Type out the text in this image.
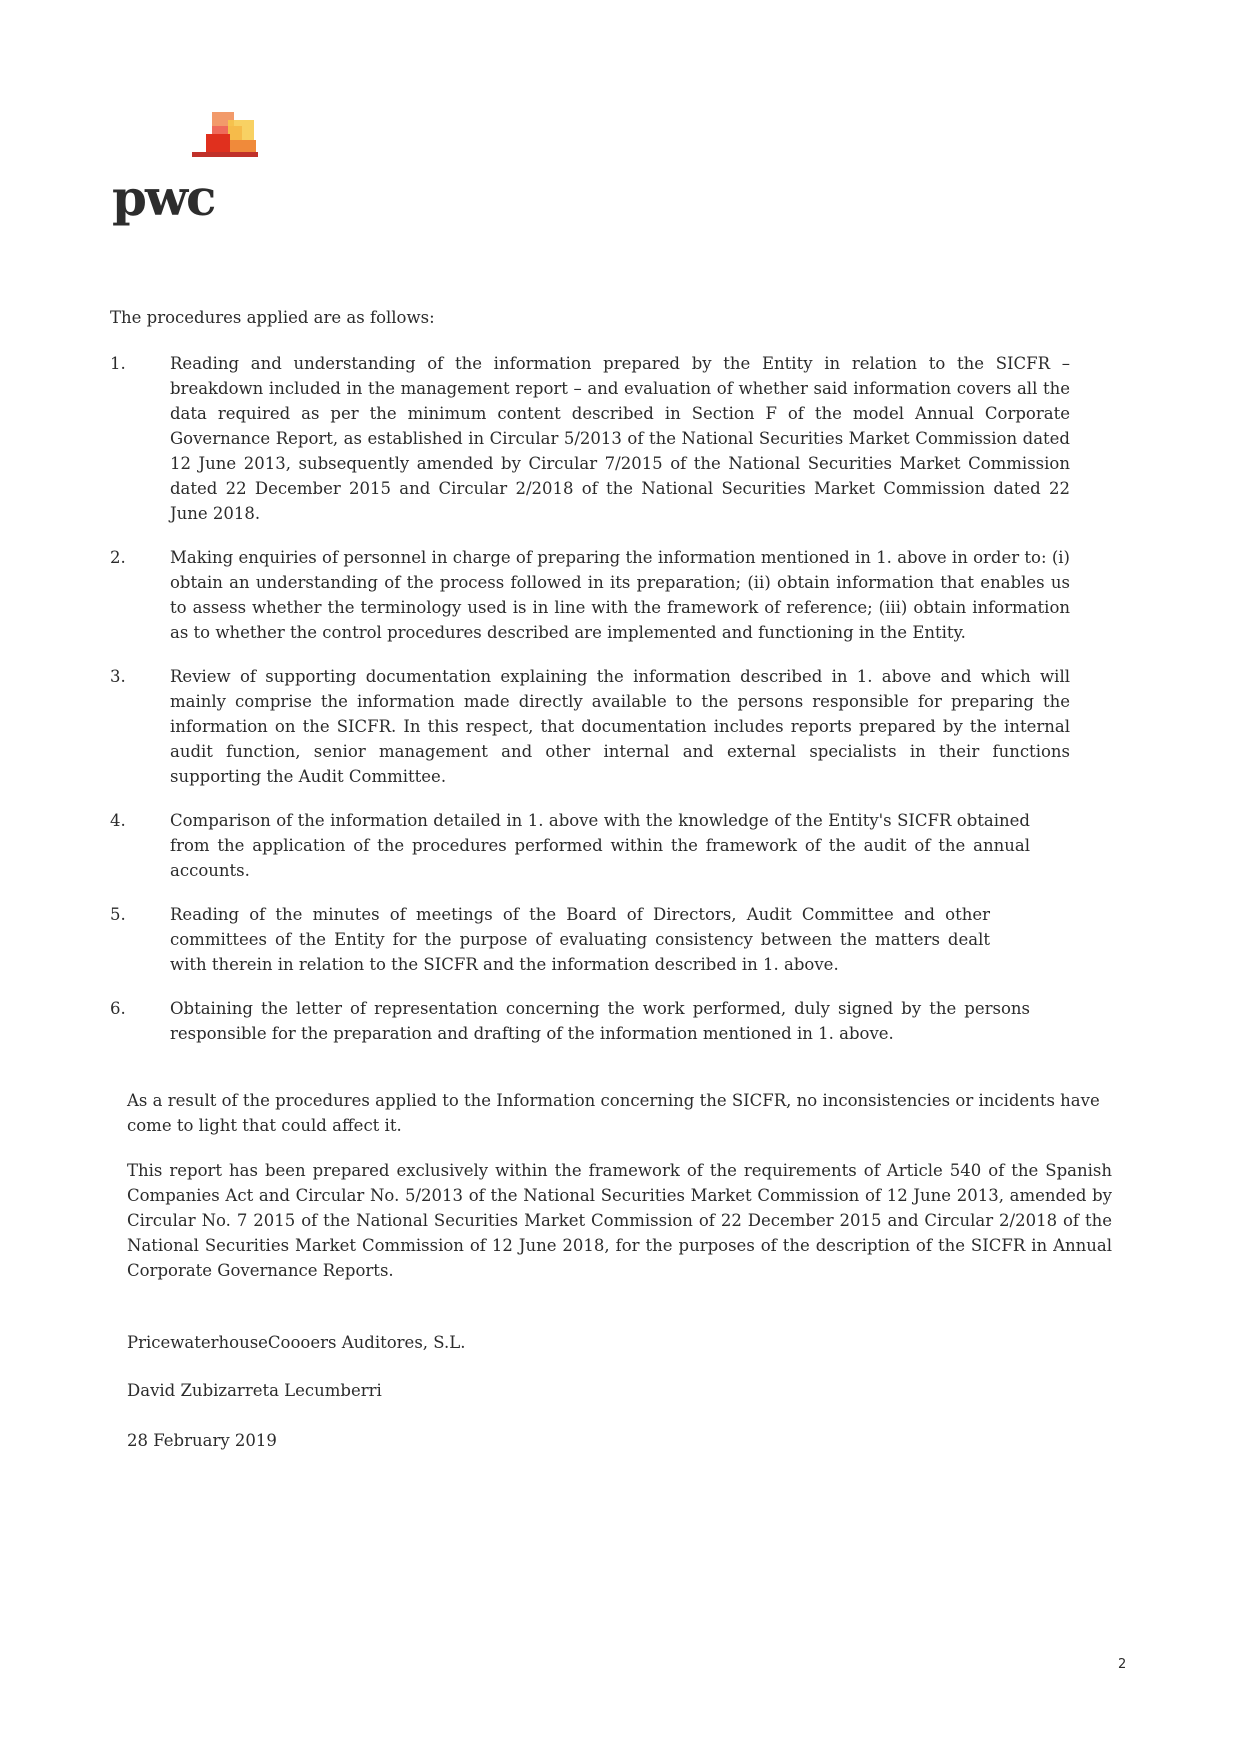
pwc

The procedures applied are as follows:

1.	Reading and understanding of the information prepared by the Entity in relation to the SICFR – breakdown included in the management report – and evaluation of whether said information covers all the data required as per the minimum content described in Section F of the model Annual Corporate Governance Report, as established in Circular 5/2013 of the National Securities Market Commission dated 12 June 2013, subsequently amended by Circular 7/2015 of the National Securities Market Commission dated 22 December 2015 and Circular 2/2018 of the National Securities Market Commission dated 22 June 2018.
2.	Making enquiries of personnel in charge of preparing the information mentioned in 1. above in order to: (i) obtain an understanding of the process followed in its preparation; (ii) obtain information that enables us to assess whether the terminology used is in line with the framework of reference; (iii) obtain information as to whether the control procedures described are implemented and functioning in the Entity.
3.	Review of supporting documentation explaining the information described in 1. above and which will mainly comprise the information made directly available to the persons responsible for preparing the information on the SICFR. In this respect, that documentation includes reports prepared by the internal audit function, senior management and other internal and external specialists in their functions supporting the Audit Committee.
4.	Comparison of the information detailed in 1. above with the knowledge of the Entity's SICFR obtained from the application of the procedures performed within the framework of the audit of the annual accounts.
5.	Reading of the minutes of meetings of the Board of Directors, Audit Committee and other committees of the Entity for the purpose of evaluating consistency between the matters dealt with therein in relation to the SICFR and the information described in 1. above.
6.	Obtaining the letter of representation concerning the work performed, duly signed by the persons responsible for the preparation and drafting of the information mentioned in 1. above.

As a result of the procedures applied to the Information concerning the SICFR, no inconsistencies or incidents have come to light that could affect it.

This report has been prepared exclusively within the framework of the requirements of Article 540 of the Spanish Companies Act and Circular No. 5/2013 of the National Securities Market Commission of 12 June 2013, amended by Circular No. 7 2015 of the National Securities Market Commission of 22 December 2015 and Circular 2/2018 of the National Securities Market Commission of 12 June 2018, for the purposes of the description of the SICFR in Annual Corporate Governance Reports.

PricewaterhouseCoooers Auditores, S.L.

David Zubizarreta Lecumberri

28 February 2019

2
